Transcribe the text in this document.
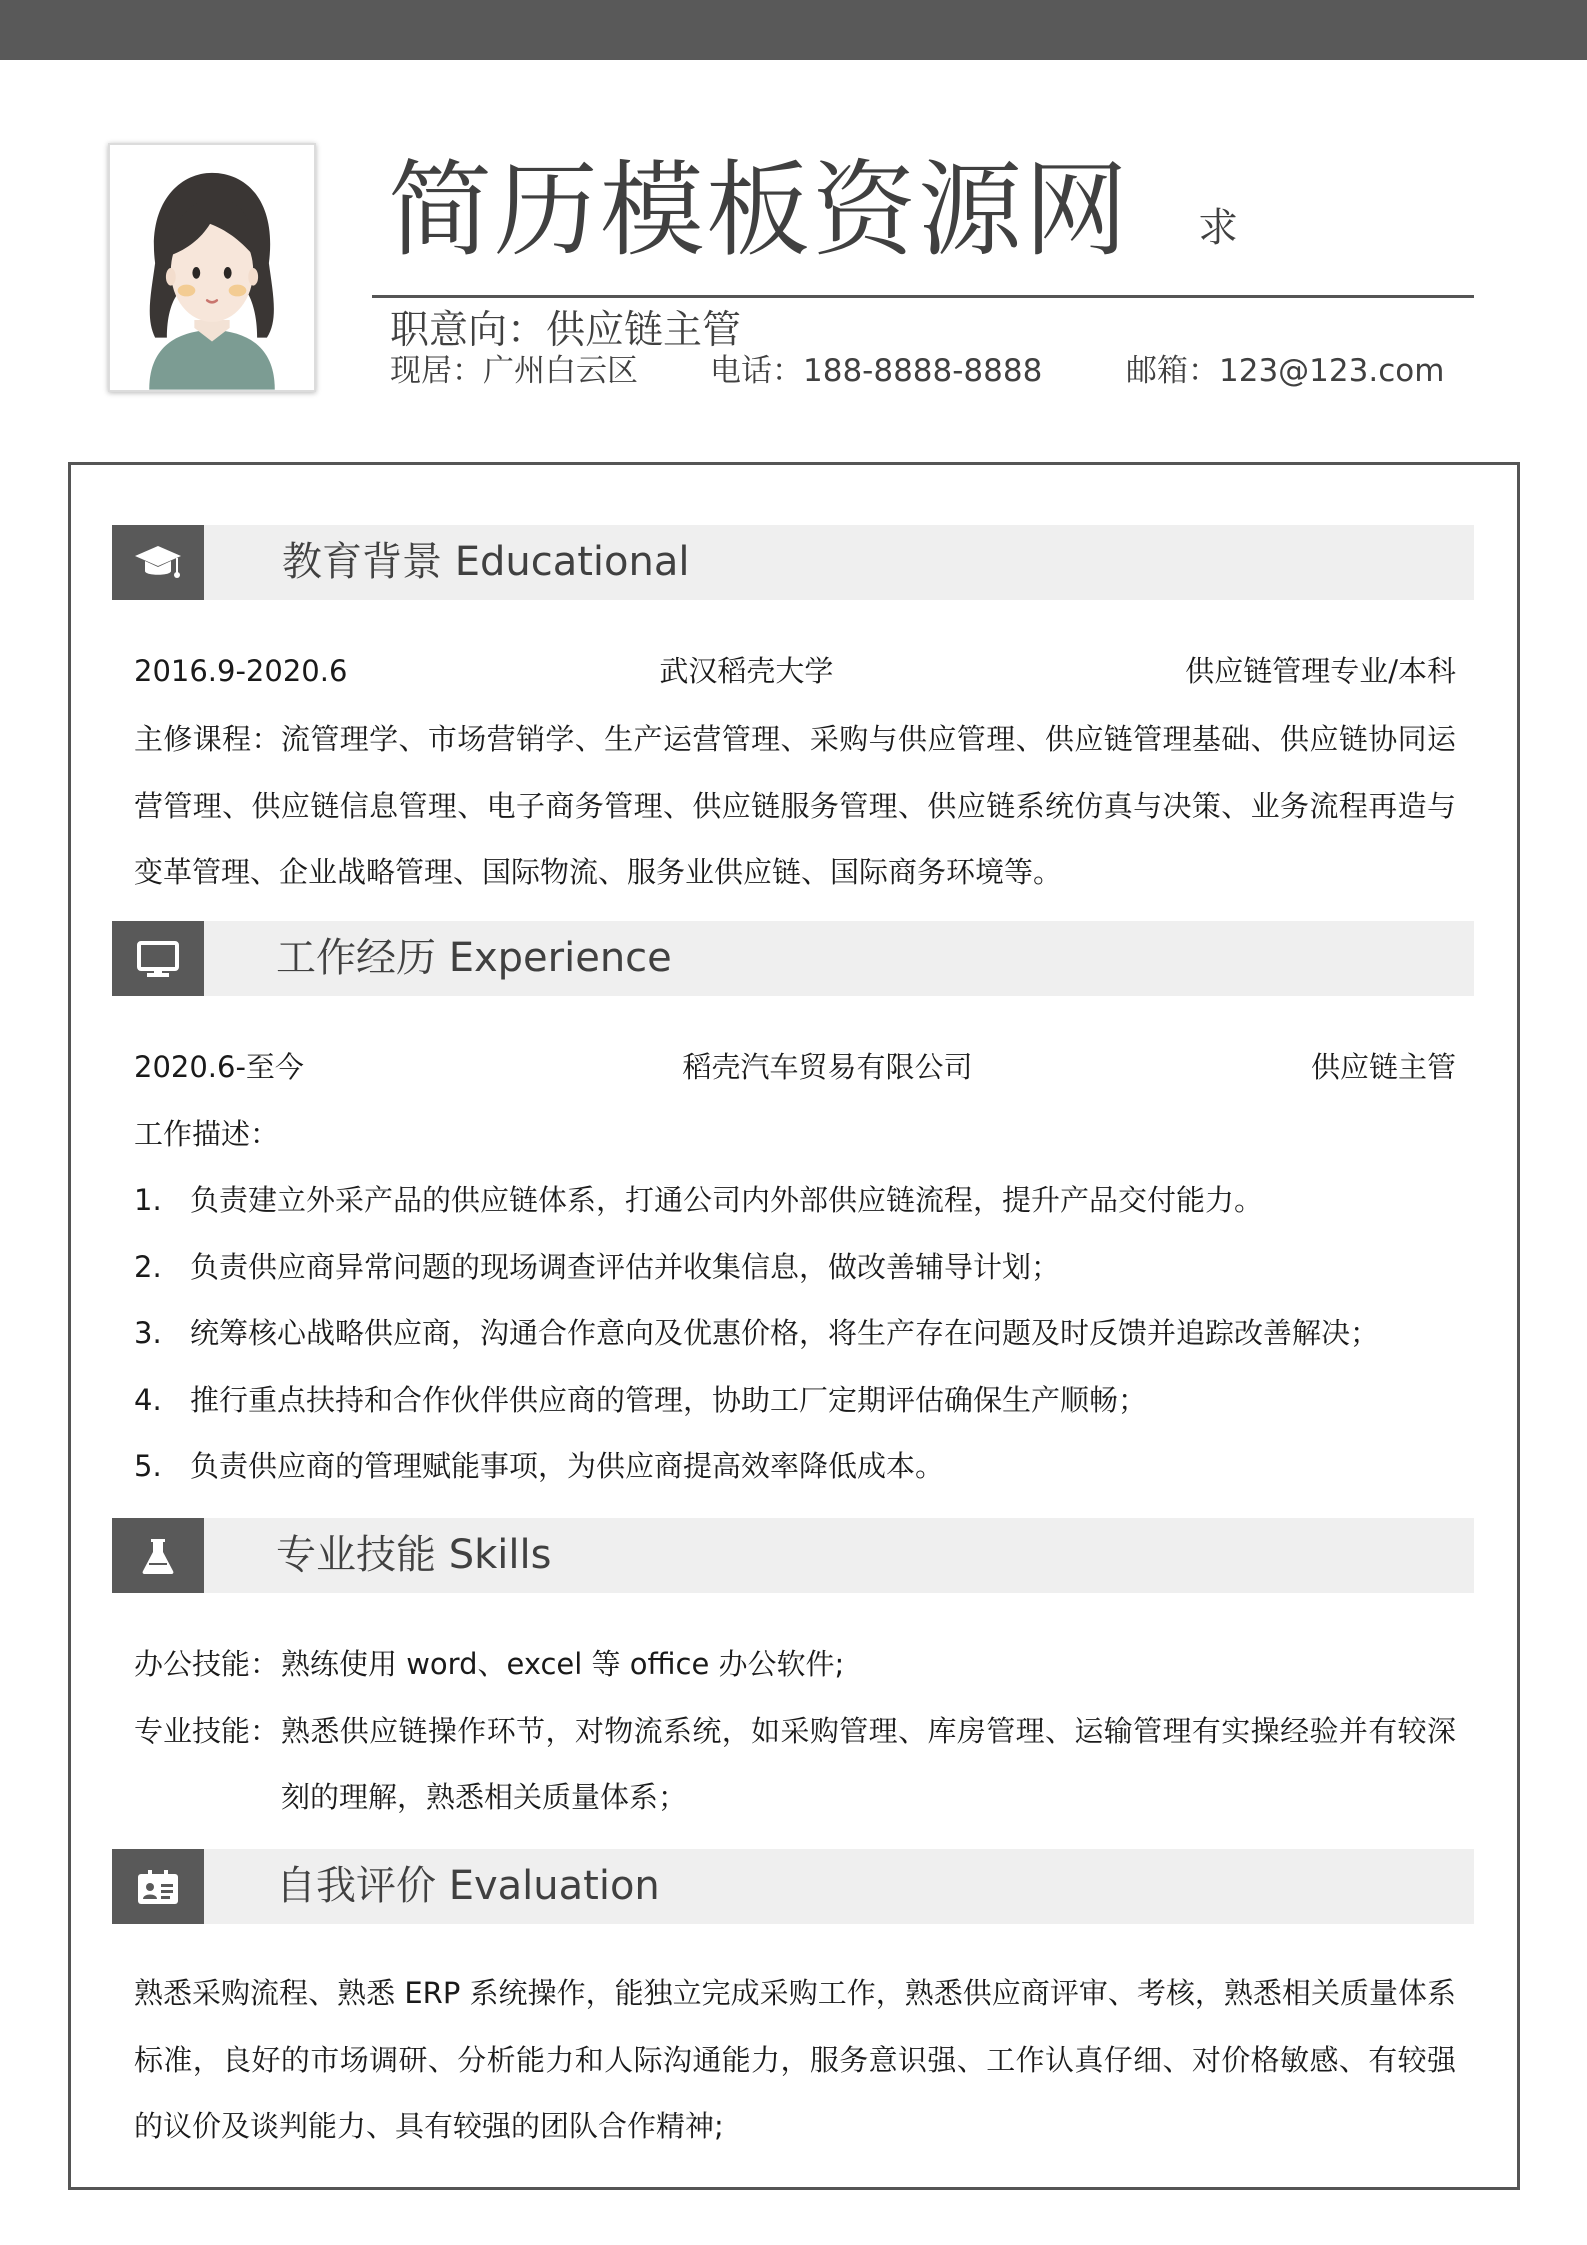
简历模板资源网 求
职意向：供应链主管
现居：广州白云区 电话：188-8888-8888	邮箱：123@123.com
教育背景 Educational
2016.9-2020.6	武汉稻壳大学	供应链管理专业/本科
主修课程：流管理学、市场营销学、生产运营管理、采购与供应管理、供应链管理基础、供应链协同运营管理、供应链信息管理、电子商务管理、供应链服务管理、供应链系统仿真与决策、业务流程再造与变革管理、企业战略管理、国际物流、服务业供应链、国际商务环境等。
工作经历 Experience
2020.6-至今	稻壳汽车贸易有限公司	供应链主管
工作描述：
1. 负责建立外采产品的供应链体系，打通公司内外部供应链流程，提升产品交付能力。
2. 负责供应商异常问题的现场调查评估并收集信息，做改善辅导计划；
3. 统筹核心战略供应商，沟通合作意向及优惠价格，将生产存在问题及时反馈并追踪改善解决；
4. 推行重点扶持和合作伙伴供应商的管理，协助工厂定期评估确保生产顺畅；
5. 负责供应商的管理赋能事项，为供应商提高效率降低成本。
专业技能 Skills
办公技能： 熟练使用 word、excel 等 office 办公软件;
专业技能： 熟悉供应链操作环节，对物流系统，如采购管理、库房管理、运输管理有实操经验并有较深刻的理解，熟悉相关质量体系；
自我评价 Evaluation
熟悉采购流程、熟悉 ERP 系统操作，能独立完成采购工作，熟悉供应商评审、考核，熟悉相关质量体系标准，良好的市场调研、分析能力和人际沟通能力，服务意识强、工作认真仔细、对价格敏感、有较强的议价及谈判能力、具有较强的团队合作精神;
